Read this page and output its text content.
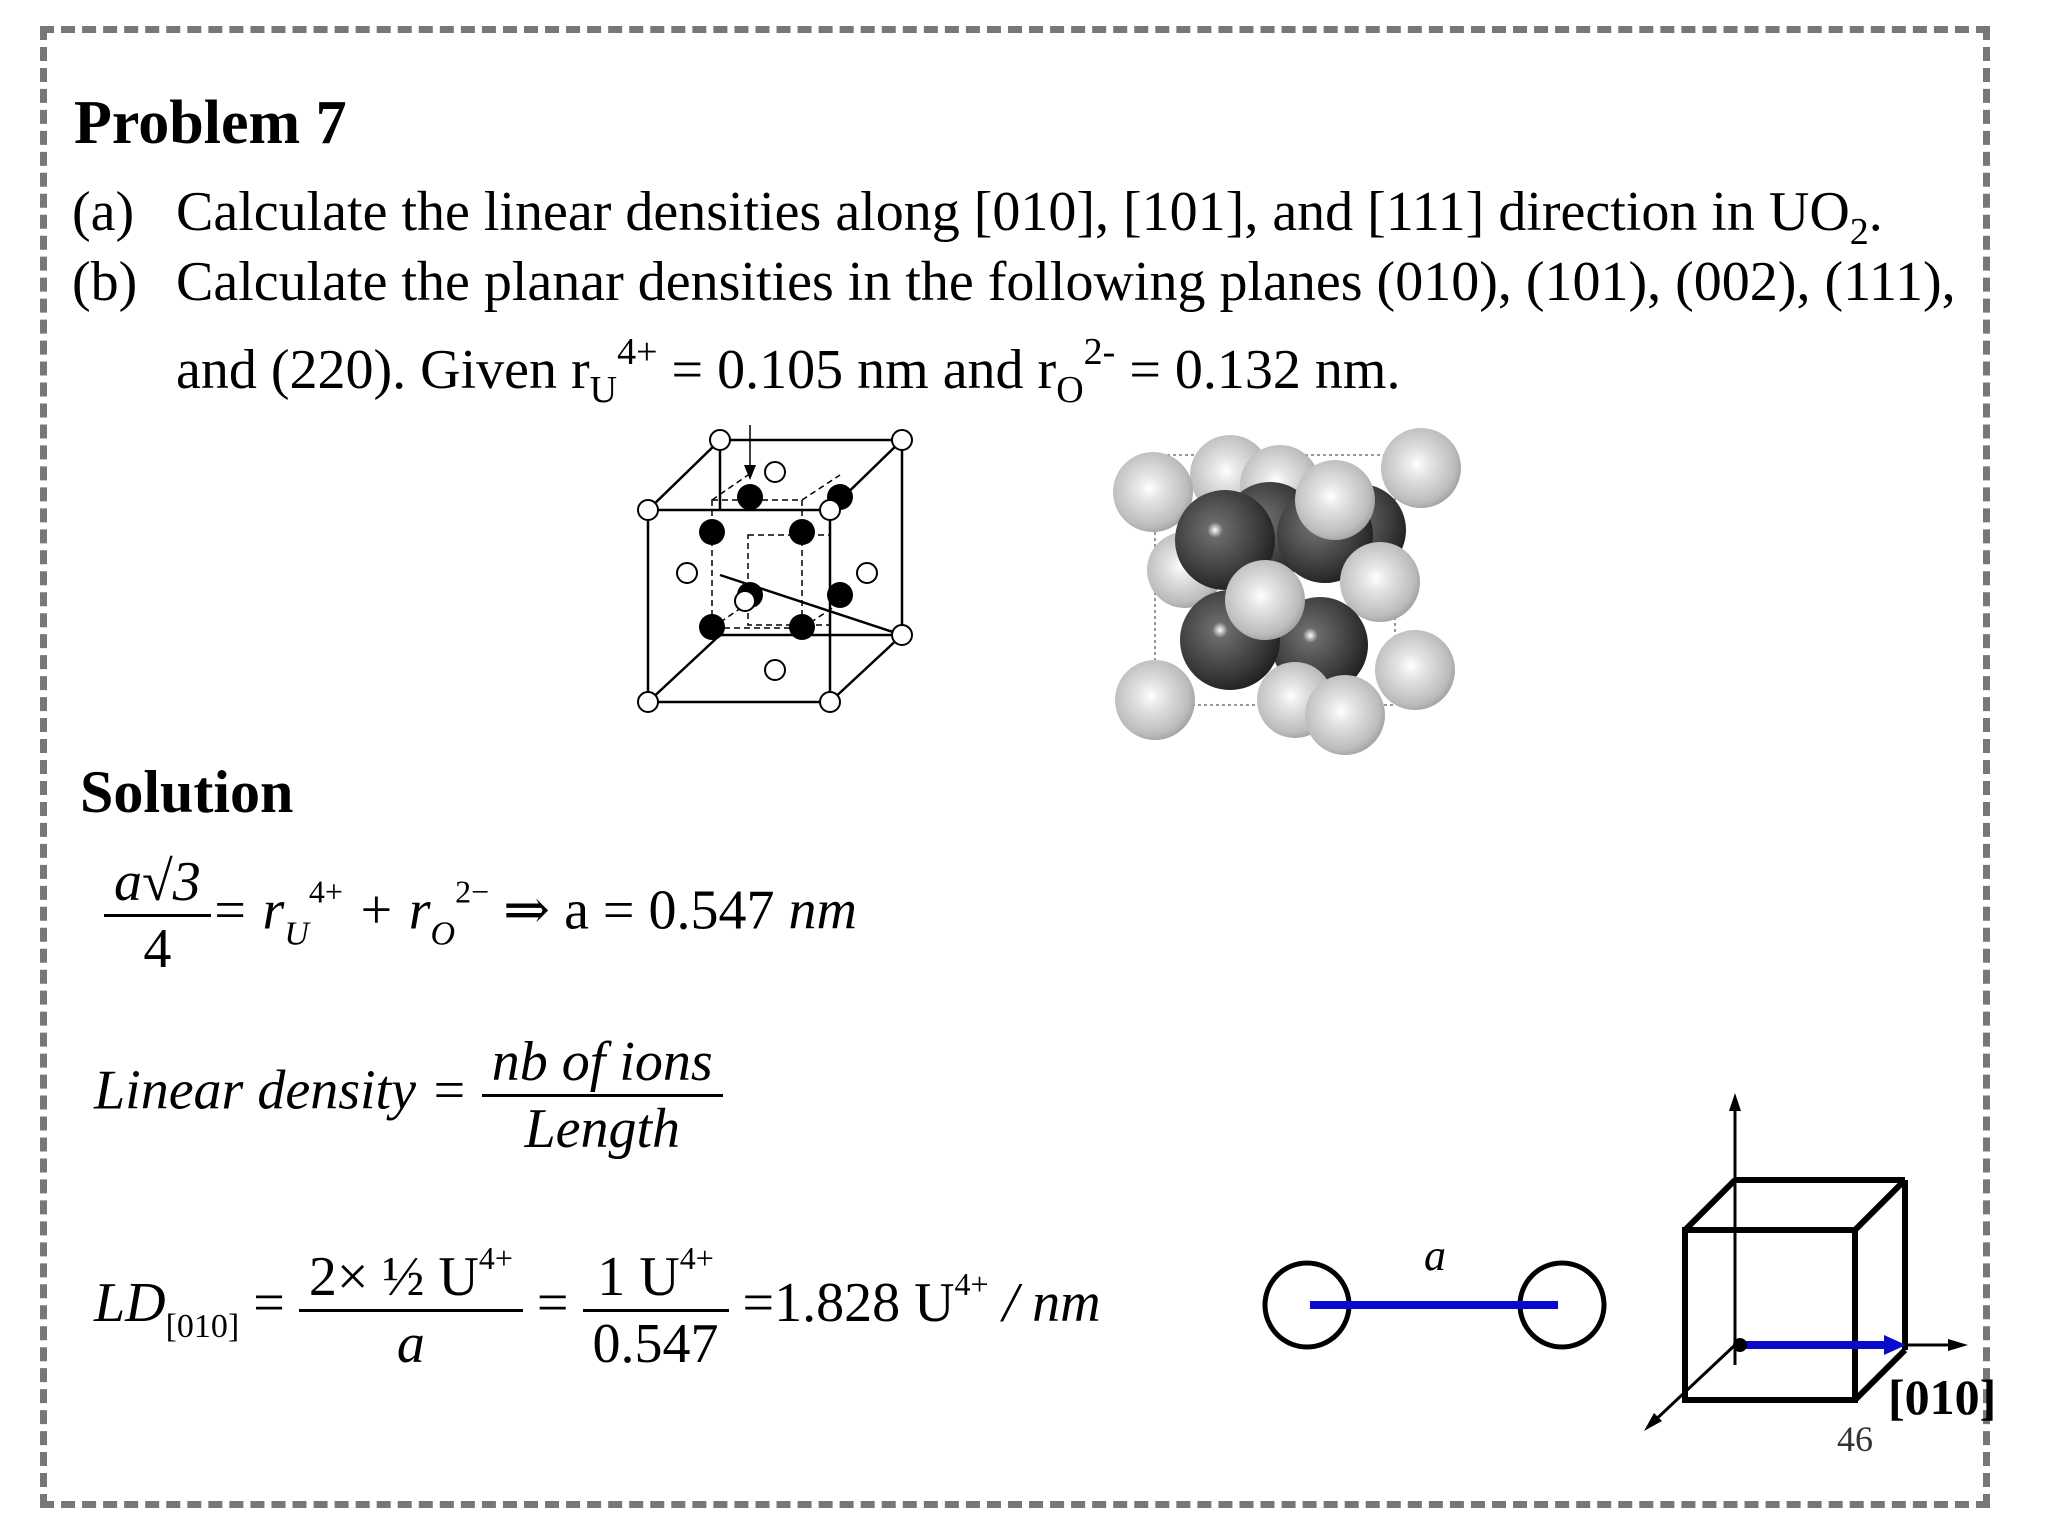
Problem 7
(a) Calculate the linear densities along [010], [101], and [111] direction in $UO_2$.
(b) Calculate the planar densities in the following planes (010), (101), (002), (111),
and (220). Given $r_U^{4+} = 0.105$ nm and $r_O^{2-} = 0.132$ nm.
Solution
$\frac{a√3}{4} = r_U^{4+} + r_O^{2-}$ ⇒ a = 0.547 nm
Linear density = $\frac{\text{nb of ions}}{\text{Length}}$
$LD_{[010]} = \frac{2\times \frac{1}{2} U^{4+}}{a} = \frac{1 U^{4+}}{0.547} =1.828$ $U^{4+}$ / nm
a
[010]
46
